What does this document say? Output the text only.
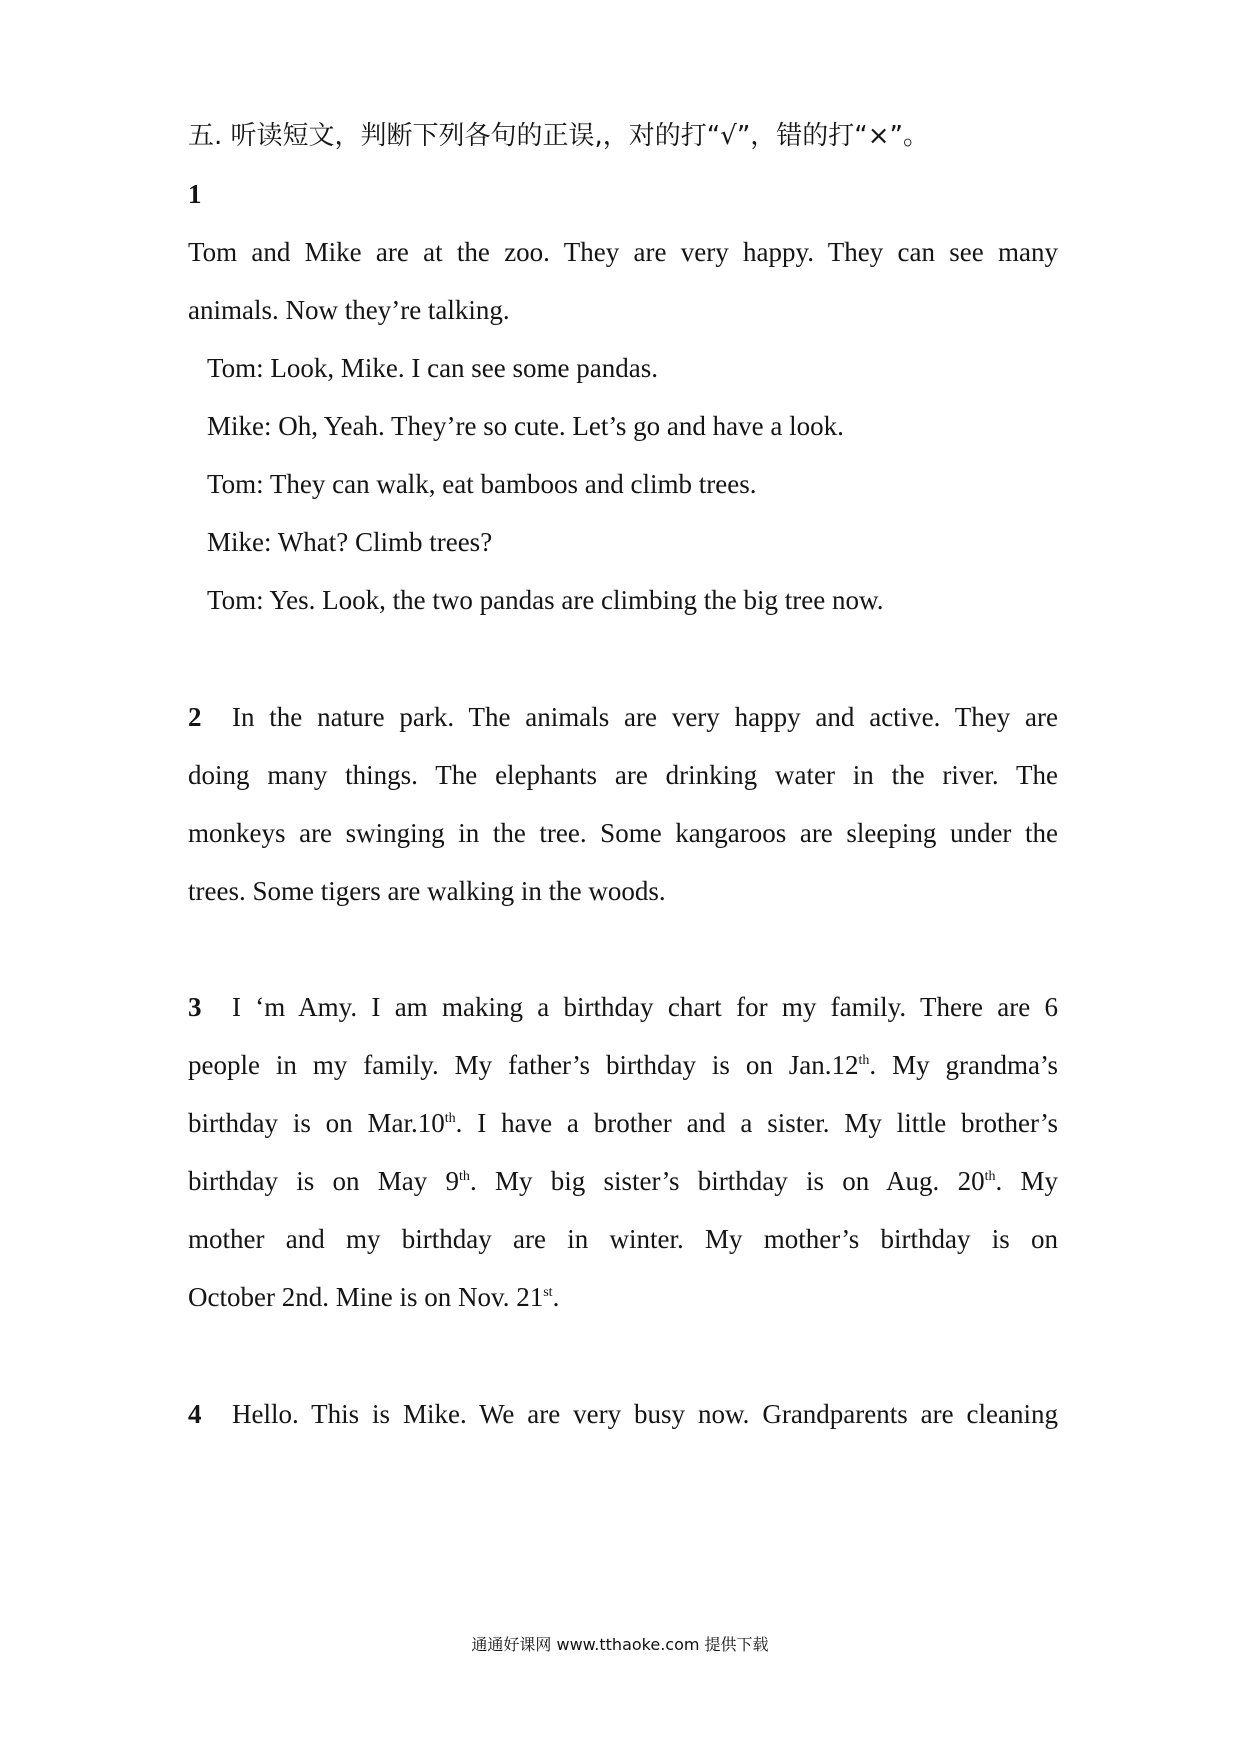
五. 听读短文，判断下列各句的正误,，对的打“√”，错的打“×”。
1
Tom and Mike are at the zoo. They are very happy. They can see many
animals. Now they’re talking.
Tom: Look, Mike. I can see some pandas.
Mike: Oh, Yeah. They’re so cute. Let’s go and have a look.
Tom: They can walk, eat bamboos and climb trees.
Mike: What? Climb trees?
Tom: Yes. Look, the two pandas are climbing the big tree now.
2 In the nature park. The animals are very happy and active. They are
doing many things. The elephants are drinking water in the river. The
monkeys are swinging in the tree. Some kangaroos are sleeping under the
trees. Some tigers are walking in the woods.
3 I ‘m Amy. I am making a birthday chart for my family. There are 6
people in my family. My father’s birthday is on Jan.12th. My grandma’s
birthday is on Mar.10th. I have a brother and a sister. My little brother’s
birthday is on May 9th. My big sister’s birthday is on Aug. 20th. My
mother and my birthday are in winter. My mother’s birthday is on
October 2nd. Mine is on Nov. 21st.
4 Hello. This is Mike. We are very busy now. Grandparents are cleaning
通通好课网 www.tthaoke.com 提供下载
